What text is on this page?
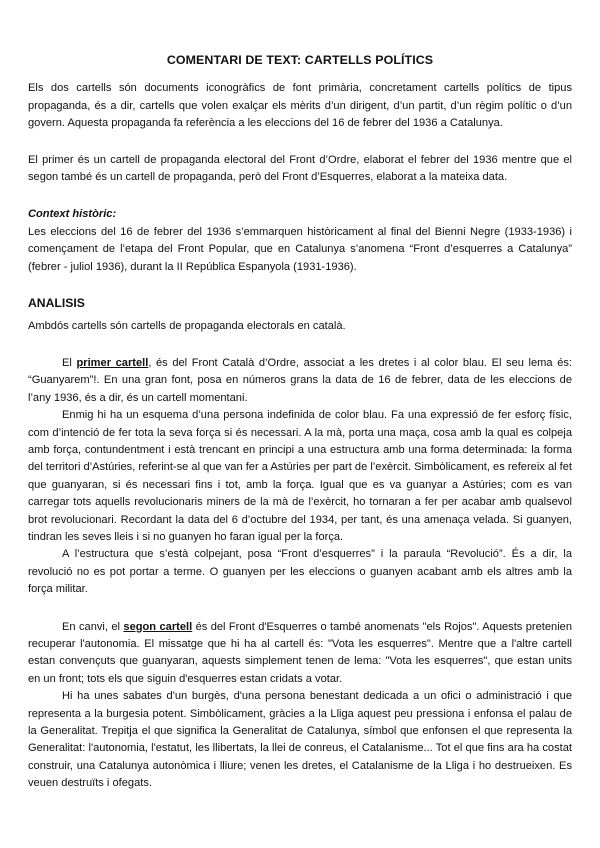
COMENTARI DE TEXT: CARTELLS POLÍTICS

Els dos cartells són documents iconogràfics de font primària, concretament cartells polítics de tipus propaganda, és a dir, cartells que volen exalçar els mèrits d’un dirigent, d’un partit, d’un règim polític o d’un govern. Aquesta propaganda fa referència a les eleccions del 16 de febrer del 1936 a Catalunya.

El primer és un cartell de propaganda electoral del Front d’Ordre, elaborat el febrer del 1936 mentre que el segon també és un cartell de propaganda, però del Front d’Esquerres, elaborat a la mateixa data.

Context històric:

Les eleccions del 16 de febrer del 1936 s’emmarquen històricament al final del Bienni Negre (1933-1936) i començament de l’etapa del Front Popular, que en Catalunya s’anomena “Front d’esquerres a Catalunya” (febrer - juliol 1936), durant la II República Espanyola (1931-1936).

ANALISIS

Ambdós cartells són cartells de propaganda electorals en català.

El primer cartell, és del Front Català d’Ordre, associat a les dretes i al color blau. El seu lema és: “Guanyarem”!. En una gran font, posa en números grans la data de 16 de febrer, data de les eleccions de l’any 1936, és a dir, és un cartell momentani.

Enmig hi ha un esquema d’una persona indefinida de color blau. Fa una expressió de fer esforç físic, com d’intenció de fer tota la seva força si és necessari. A la mà, porta una maça, cosa amb la qual es colpeja amb força, contundentment i està trencant en principi a una estructura amb una forma determinada: la forma del territori d’Astúries, referint-se al que van fer a Astúries per part de l’exèrcit. Simbòlicament, es refereix al fet que guanyaran, si és necessari fins i tot, amb la força. Igual que es va guanyar a Astúries; com es van carregar tots aquells revolucionaris miners de la mà de l’exèrcit, ho tornaran a fer per acabar amb qualsevol brot revolucionari. Recordant la data del 6 d’octubre del 1934, per tant, és una amenaça velada. Si guanyen, tindran les seves lleis i si no guanyen ho faran igual per la força.

A l’estructura que s’està colpejant, posa “Front d’esquerres” i la paraula “Revolució”. És a dir, la revolució no es pot portar a terme. O guanyen per les eleccions o guanyen acabant amb els altres amb la força militar.

En canvi, el segon cartell és del Front d'Esquerres o també anomenats "els Rojos". Aquests pretenien recuperar l'autonomia. El missatge que hi ha al cartell és: "Vota les esquerres". Mentre que a l'altre cartell estan convençuts que guanyaran, aquests simplement tenen de lema: "Vota les esquerres", que estan units en un front; tots els que siguin d'esquerres estan cridats a votar.

Hi ha unes sabates d'un burgès, d'una persona benestant dedicada a un ofici o administració i que representa a la burgesia potent. Simbòlicament, gràcies a la Lliga aquest peu pressiona i enfonsa el palau de la Generalitat. Trepitja el que significa la Generalitat de Catalunya, símbol que enfonsen el que representa la Generalitat: l'autonomia, l'estatut, les llibertats, la llei de conreus, el Catalanisme... Tot el que fins ara ha costat construir, una Catalunya autonòmica i lliure; venen les dretes, el Catalanisme de la Lliga i ho destrueixen. Es veuen destruïts i ofegats.
